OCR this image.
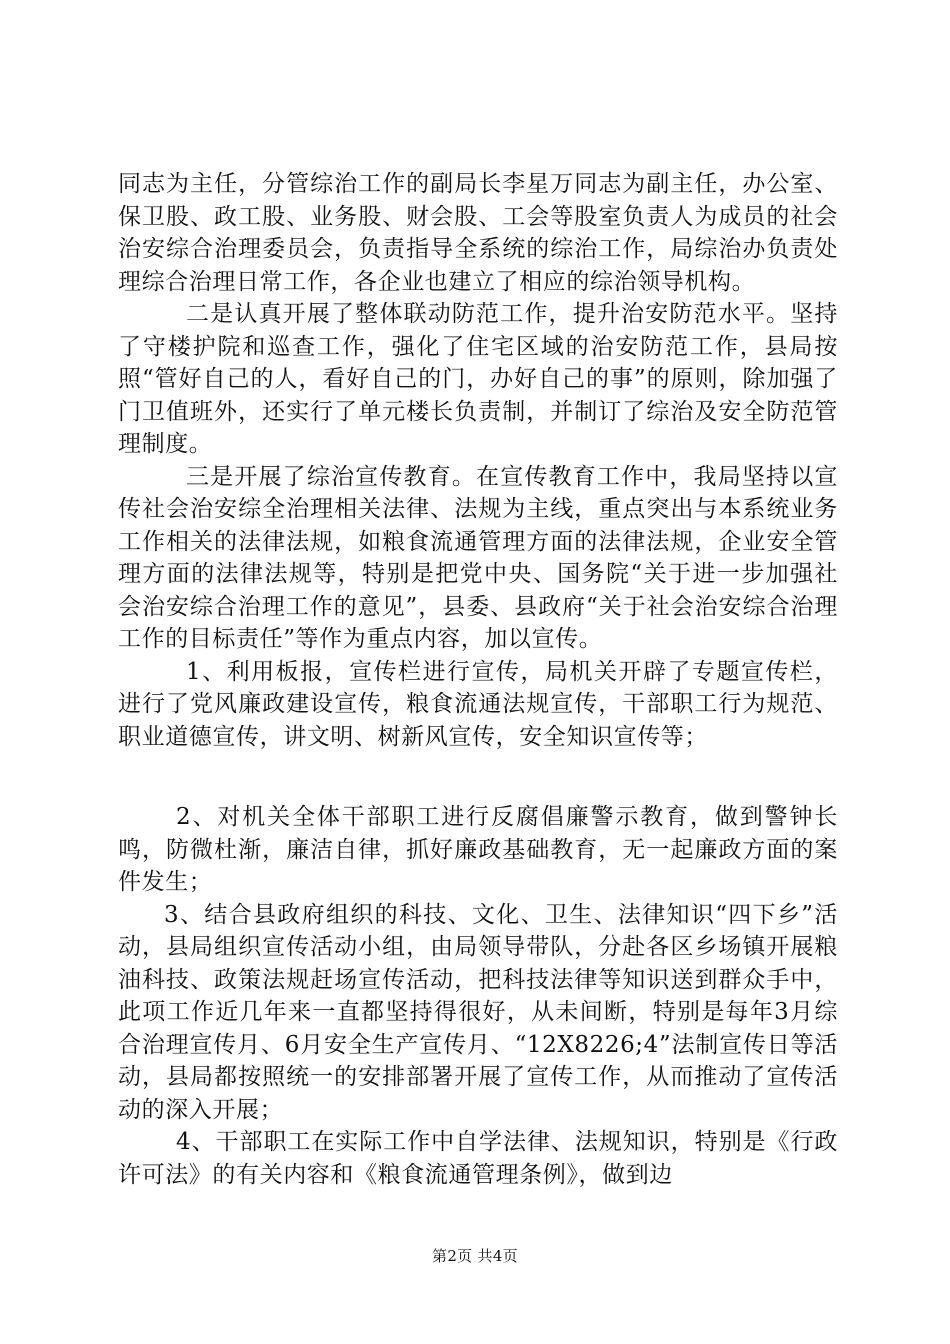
同志为主任，分管综治工作的副局长李星万同志为副主任，办公室、保卫股、政工股、业务股、财会股、工会等股室负责人为成员的社会治安综合治理委员会，负责指导全系统的综治工作，局综治办负责处理综合治理日常工作，各企业也建立了相应的综治领导机构。

二是认真开展了整体联动防范工作，提升治安防范水平。坚持了守楼护院和巡查工作，强化了住宅区域的治安防范工作，县局按照“管好自己的人，看好自己的门，办好自己的事”的原则，除加强了门卫值班外，还实行了单元楼长负责制，并制订了综治及安全防范管理制度。

三是开展了综治宣传教育。在宣传教育工作中，我局坚持以宣传社会治安综全治理相关法律、法规为主线，重点突出与本系统业务工作相关的法律法规，如粮食流通管理方面的法律法规，企业安全管理方面的法律法规等，特别是把党中央、国务院“关于进一步加强社会治安综合治理工作的意见”，县委、县政府“关于社会治安综合治理工作的目标责任”等作为重点内容，加以宣传。

1、利用板报，宣传栏进行宣传，局机关开辟了专题宣传栏，进行了党风廉政建设宣传，粮食流通法规宣传，干部职工行为规范、职业道德宣传，讲文明、树新风宣传，安全知识宣传等；

2、对机关全体干部职工进行反腐倡廉警示教育，做到警钟长鸣，防微杜渐，廉洁自律，抓好廉政基础教育，无一起廉政方面的案件发生；

3、结合县政府组织的科技、文化、卫生、法律知识“四下乡”活动，县局组织宣传活动小组，由局领导带队，分赴各区乡场镇开展粮油科技、政策法规赶场宣传活动，把科技法律等知识送到群众手中，此项工作近几年来一直都坚持得很好，从未间断，特别是每年3月综合治理宣传月、6月安全生产宣传月、“12X8226;4”法制宣传日等活动，县局都按照统一的安排部署开展了宣传工作，从而推动了宣传活动的深入开展；

4、干部职工在实际工作中自学法律、法规知识，特别是《行政许可法》的有关内容和《粮食流通管理条例》，做到边

第2页 共4页
